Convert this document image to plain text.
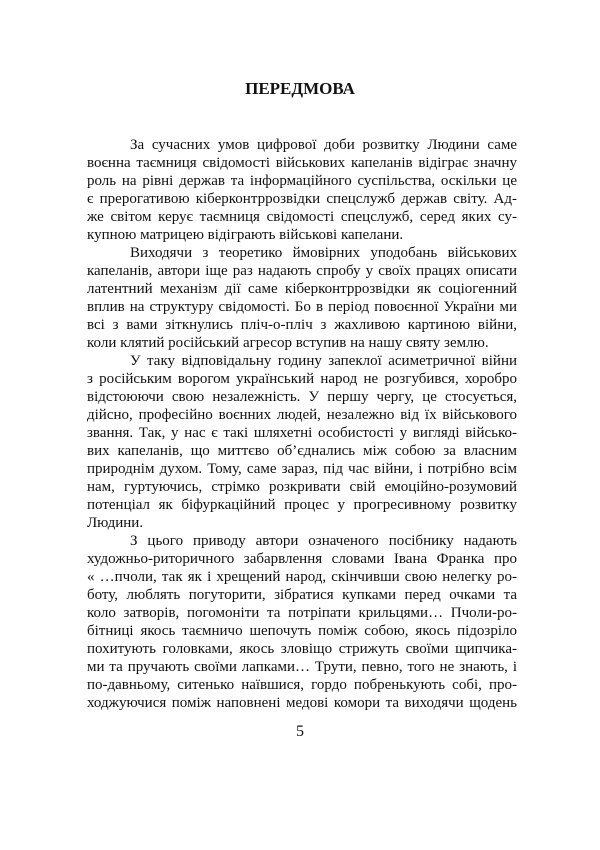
ПЕРЕДМОВА
За сучасних умов цифрової доби розвитку Людини саме
воєнна таємниця свідомості військових капеланів відіграє значну
роль на рівні держав та інформаційного суспільства, оскільки це
є прерогативою кіберконтррозвідки спецслужб держав світу. Ад-
же світом керує таємниця свідомості спецслужб, серед яких су-
купною матрицею відіграють військові капелани.
Виходячи з теоретико ймовірних уподобань військових
капеланів, автори іще раз надають спробу у своїх працях описати
латентний механізм дії саме кіберконтррозвідки як соціогенний
вплив на структуру свідомості. Бо в період повоєнної України ми
всі з вами зіткнулись пліч-о-пліч з жахливою картиною війни,
коли клятий російський агресор вступив на нашу святу землю.
У таку відповідальну годину запеклої асиметричної війни
з російським ворогом український народ не розгубився, хоробро
відстоюючи свою незалежність. У першу чергу, це стосується,
дійсно, професійно воєнних людей, незалежно від їх військового
звання. Так, у нас є такі шляхетні особистості у вигляді військо-
вих капеланів, що миттєво об’єднались між собою за власним
природнім духом. Тому, саме зараз, під час війни, і потрібно всім
нам, гуртуючись, стрімко розкривати свій емоційно-розумовий
потенціал як біфуркаційний процес у прогресивному розвитку
Людини.
З цього приводу автори означеного посібнику надають
художньо-риторичного забарвлення словами Івана Франка про
« …пчоли, так як і хрещений народ, скінчивши свою нелегку ро-
боту, люблять погуторити, зібратися купками перед очками та
коло затворів, погомоніти та потріпати крильцями… Пчоли-ро-
бітниці якось таємничо шепочуть поміж собою, якось підозріло
похитують головками, якось зловіщо стрижуть своїми щипчика-
ми та пручають своїми лапками… Трути, певно, того не знають, і
по-давньому, ситенько наївшися, гордо побренькують собі, про-
ходжуючися поміж наповнені медові комори та виходячи щодень
5
